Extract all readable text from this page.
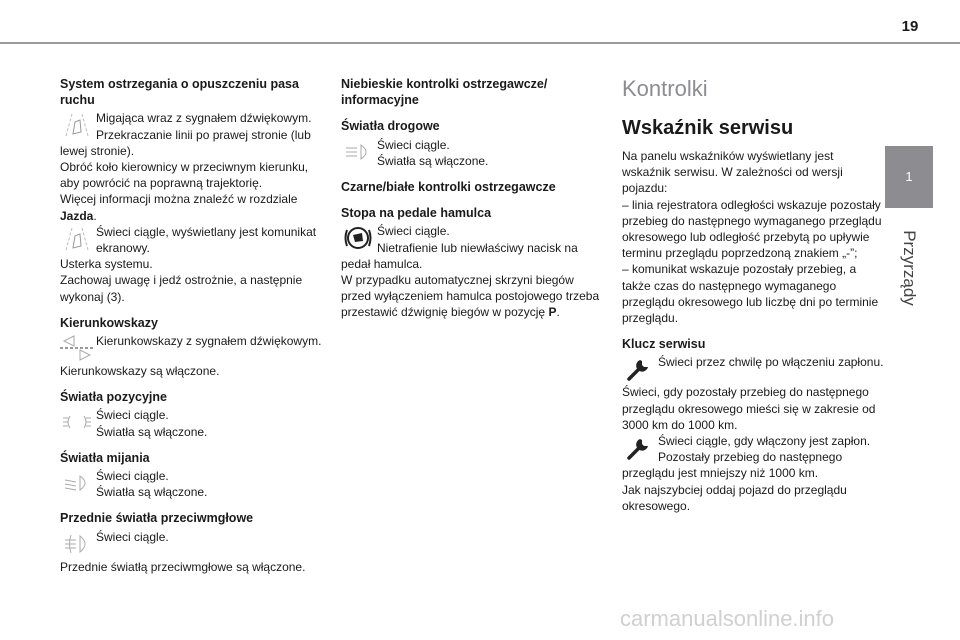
19
1
Przyrządy
System ostrzegania o opuszczeniu pasa ruchu

Migająca wraz z sygnałem dźwiękowym.

Przekraczanie linii po prawej stronie (lub lewej stronie).

Obróć koło kierownicy w przeciwnym kierunku, aby powrócić na poprawną trajektorię.

Więcej informacji można znaleźć w rozdziale Jazda.

Świeci ciągle, wyświetlany jest komunikat ekranowy.

Usterka systemu.

Zachowaj uwagę i jedź ostrożnie, a następnie wykonaj (3).

Kierunkowskazy

Kierunkowskazy z sygnałem dźwiękowym.

Kierunkowskazy są włączone.

Światła pozycyjne

Świeci ciągle.

Światła są włączone.

Światła mijania

Świeci ciągle.

Światła są włączone.

Przednie światła przeciwmgłowe

Świeci ciągle.

Przednie światłą przeciwmgłowe są włączone.

Niebieskie kontrolki ostrzegawcze/ informacyjne
Światła drogowe

Świeci ciągle.

Światła są włączone.

Czarne/białe kontrolki ostrzegawcze
Stopa na pedale hamulca

Świeci ciągle.

Nietrafienie lub niewłaściwy nacisk na pedał hamulca.

W przypadku automatycznej skrzyni biegów przed wyłączeniem hamulca postojowego trzeba przestawić dźwignię biegów w pozycję P.

Kontrolki
Wskaźnik serwisu

Na panelu wskaźników wyświetlany jest wskaźnik serwisu. W zależności od wersji pojazdu:

– linia rejestratora odległości wskazuje pozostały przebieg do następnego wymaganego przeglądu okresowego lub odległość przebytą po upływie terminu przeglądu poprzedzoną znakiem „-”;

– komunikat wskazuje pozostały przebieg, a także czas do następnego wymaganego przeglądu okresowego lub liczbę dni po terminie przeglądu.

Klucz serwisu

Świeci przez chwilę po włączeniu zapłonu.

Świeci, gdy pozostały przebieg do następnego przeglądu okresowego mieści się w zakresie od 3000 km do 1000 km.

Świeci ciągle, gdy włączony jest zapłon. Pozostały przebieg do następnego przeglądu jest mniejszy niż 1000 km.

Jak najszybciej oddaj pojazd do przeglądu okresowego.

carmanualsonline.info
